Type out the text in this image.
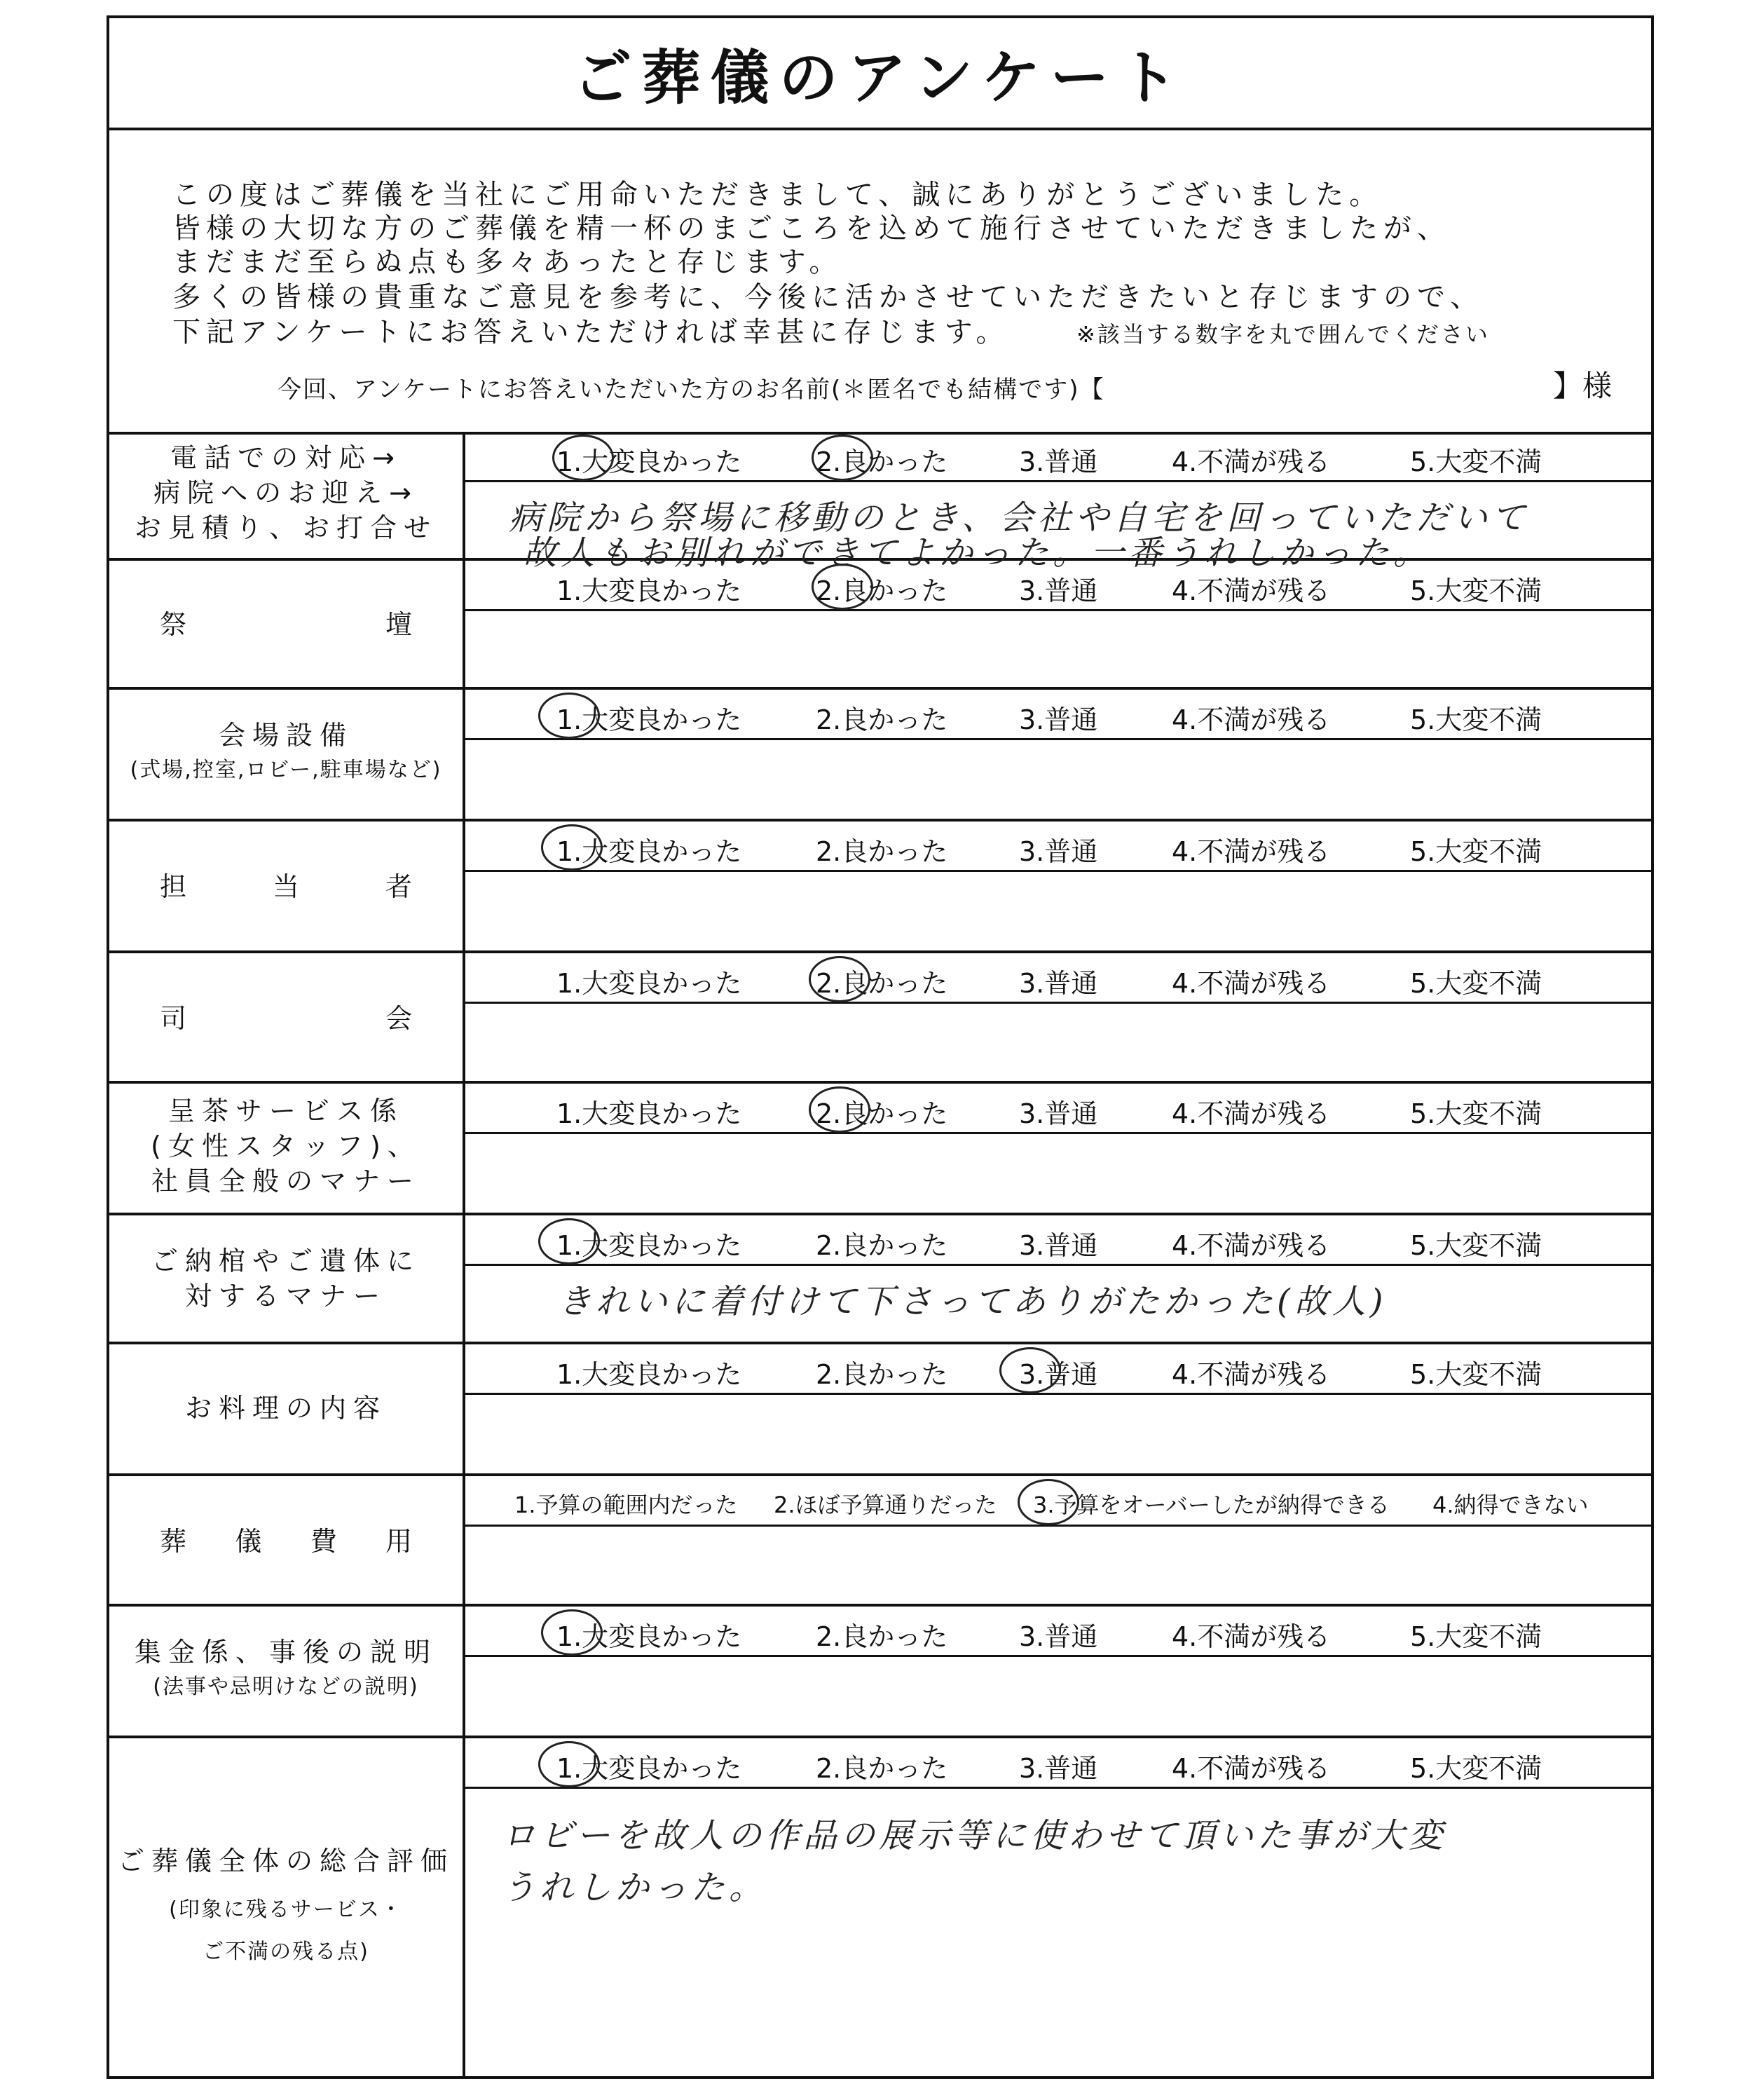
ご葬儀のアンケート
この度はご葬儀を当社にご用命いただきまして、誠にありがとうございました。
皆様の大切な方のご葬儀を精一杯のまごころを込めて施行させていただきましたが、
まだまだ至らぬ点も多々あったと存じます。
多くの皆様の貴重なご意見を参考に、今後に活かさせていただきたいと存じますので、
下記アンケートにお答えいただければ幸甚に存じます。	※該当する数字を丸で囲んでください
今回、アンケートにお答えいただいた方のお名前(＊匿名でも結構です)【	】様
電話での対応→
病院へのお迎え→
お見積り、お打合せ
1.大変良かった	2.良かった	3.普通	4.不満が残る	5.大変不満
病院から祭場に移動のとき、会社や自宅を回っていただいて
故人もお別れができてよかった。一番うれしかった。
祭	壇
1.大変良かった	2.良かった	3.普通	4.不満が残る	5.大変不満
会場設備
(式場,控室,ロビー,駐車場など)
1.大変良かった	2.良かった	3.普通	4.不満が残る	5.大変不満
担	当	者
1.大変良かった	2.良かった	3.普通	4.不満が残る	5.大変不満
司	会
1.大変良かった	2.良かった	3.普通	4.不満が残る	5.大変不満
呈茶サービス係
(女性スタッフ)、
社員全般のマナー
1.大変良かった	2.良かった	3.普通	4.不満が残る	5.大変不満
ご納棺やご遺体に
対するマナー
1.大変良かった	2.良かった	3.普通	4.不満が残る	5.大変不満
きれいに着付けて下さってありがたかった(故人)
お料理の内容
1.大変良かった	2.良かった	3.普通	4.不満が残る	5.大変不満
葬 儀 費 用
1.予算の範囲内だった 2.ほぼ予算通りだった 3.予算をオーバーしたが納得できる 4.納得できない
集金係、事後の説明
(法事や忌明けなどの説明)
1.大変良かった	2.良かった	3.普通	4.不満が残る	5.大変不満
ご葬儀全体の総合評価
(印象に残るサービス・
ご不満の残る点)
1.大変良かった	2.良かった	3.普通	4.不満が残る	5.大変不満
ロビーを故人の作品の展示等に使わせて頂いた事が大変
うれしかった。
